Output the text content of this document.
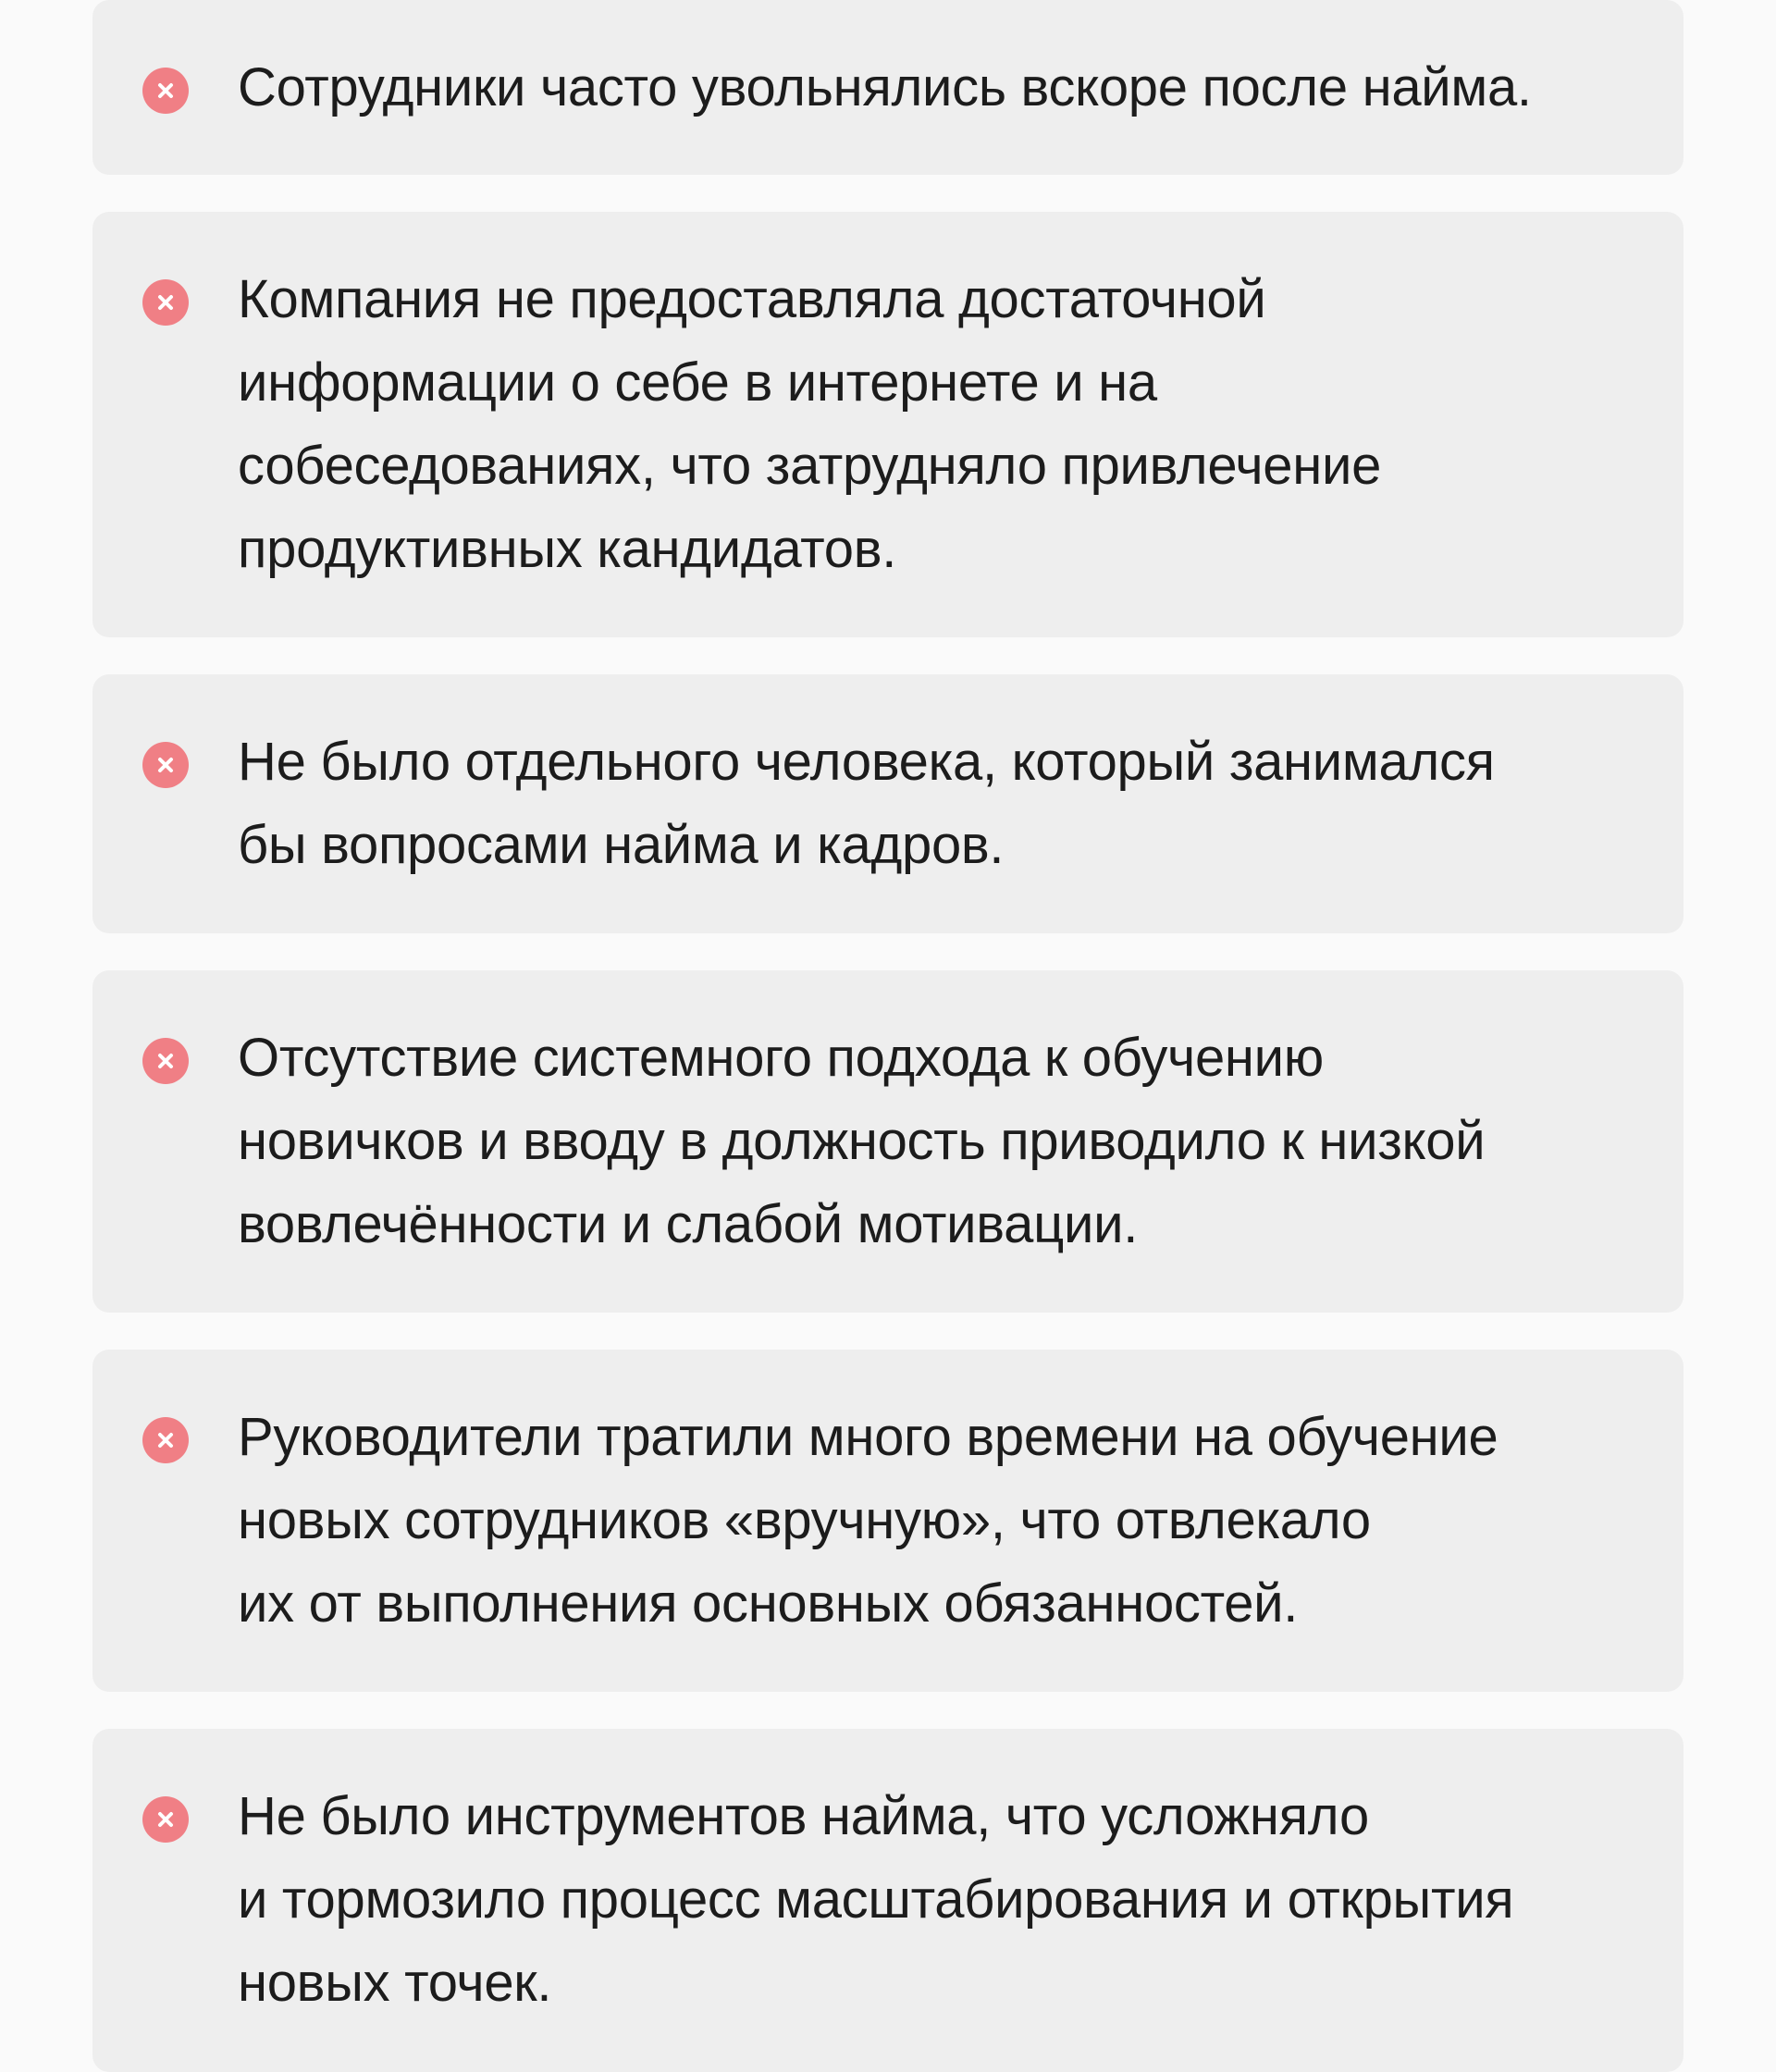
Сотрудники часто увольнялись вскоре после найма.

Компания не предоставляла достаточной
информации о себе в интернете и на
собеседованиях, что затрудняло привлечение
продуктивных кандидатов.

Не было отдельного человека, который занимался
бы вопросами найма и кадров.

Отсутствие системного подхода к обучению
новичков и вводу в должность приводило к низкой
вовлечённости и слабой мотивации.

Руководители тратили много времени на обучение
новых сотрудников «вручную», что отвлекало
их от выполнения основных обязанностей.

Не было инструментов найма, что усложняло
и тормозило процесс масштабирования и открытия
новых точек.
